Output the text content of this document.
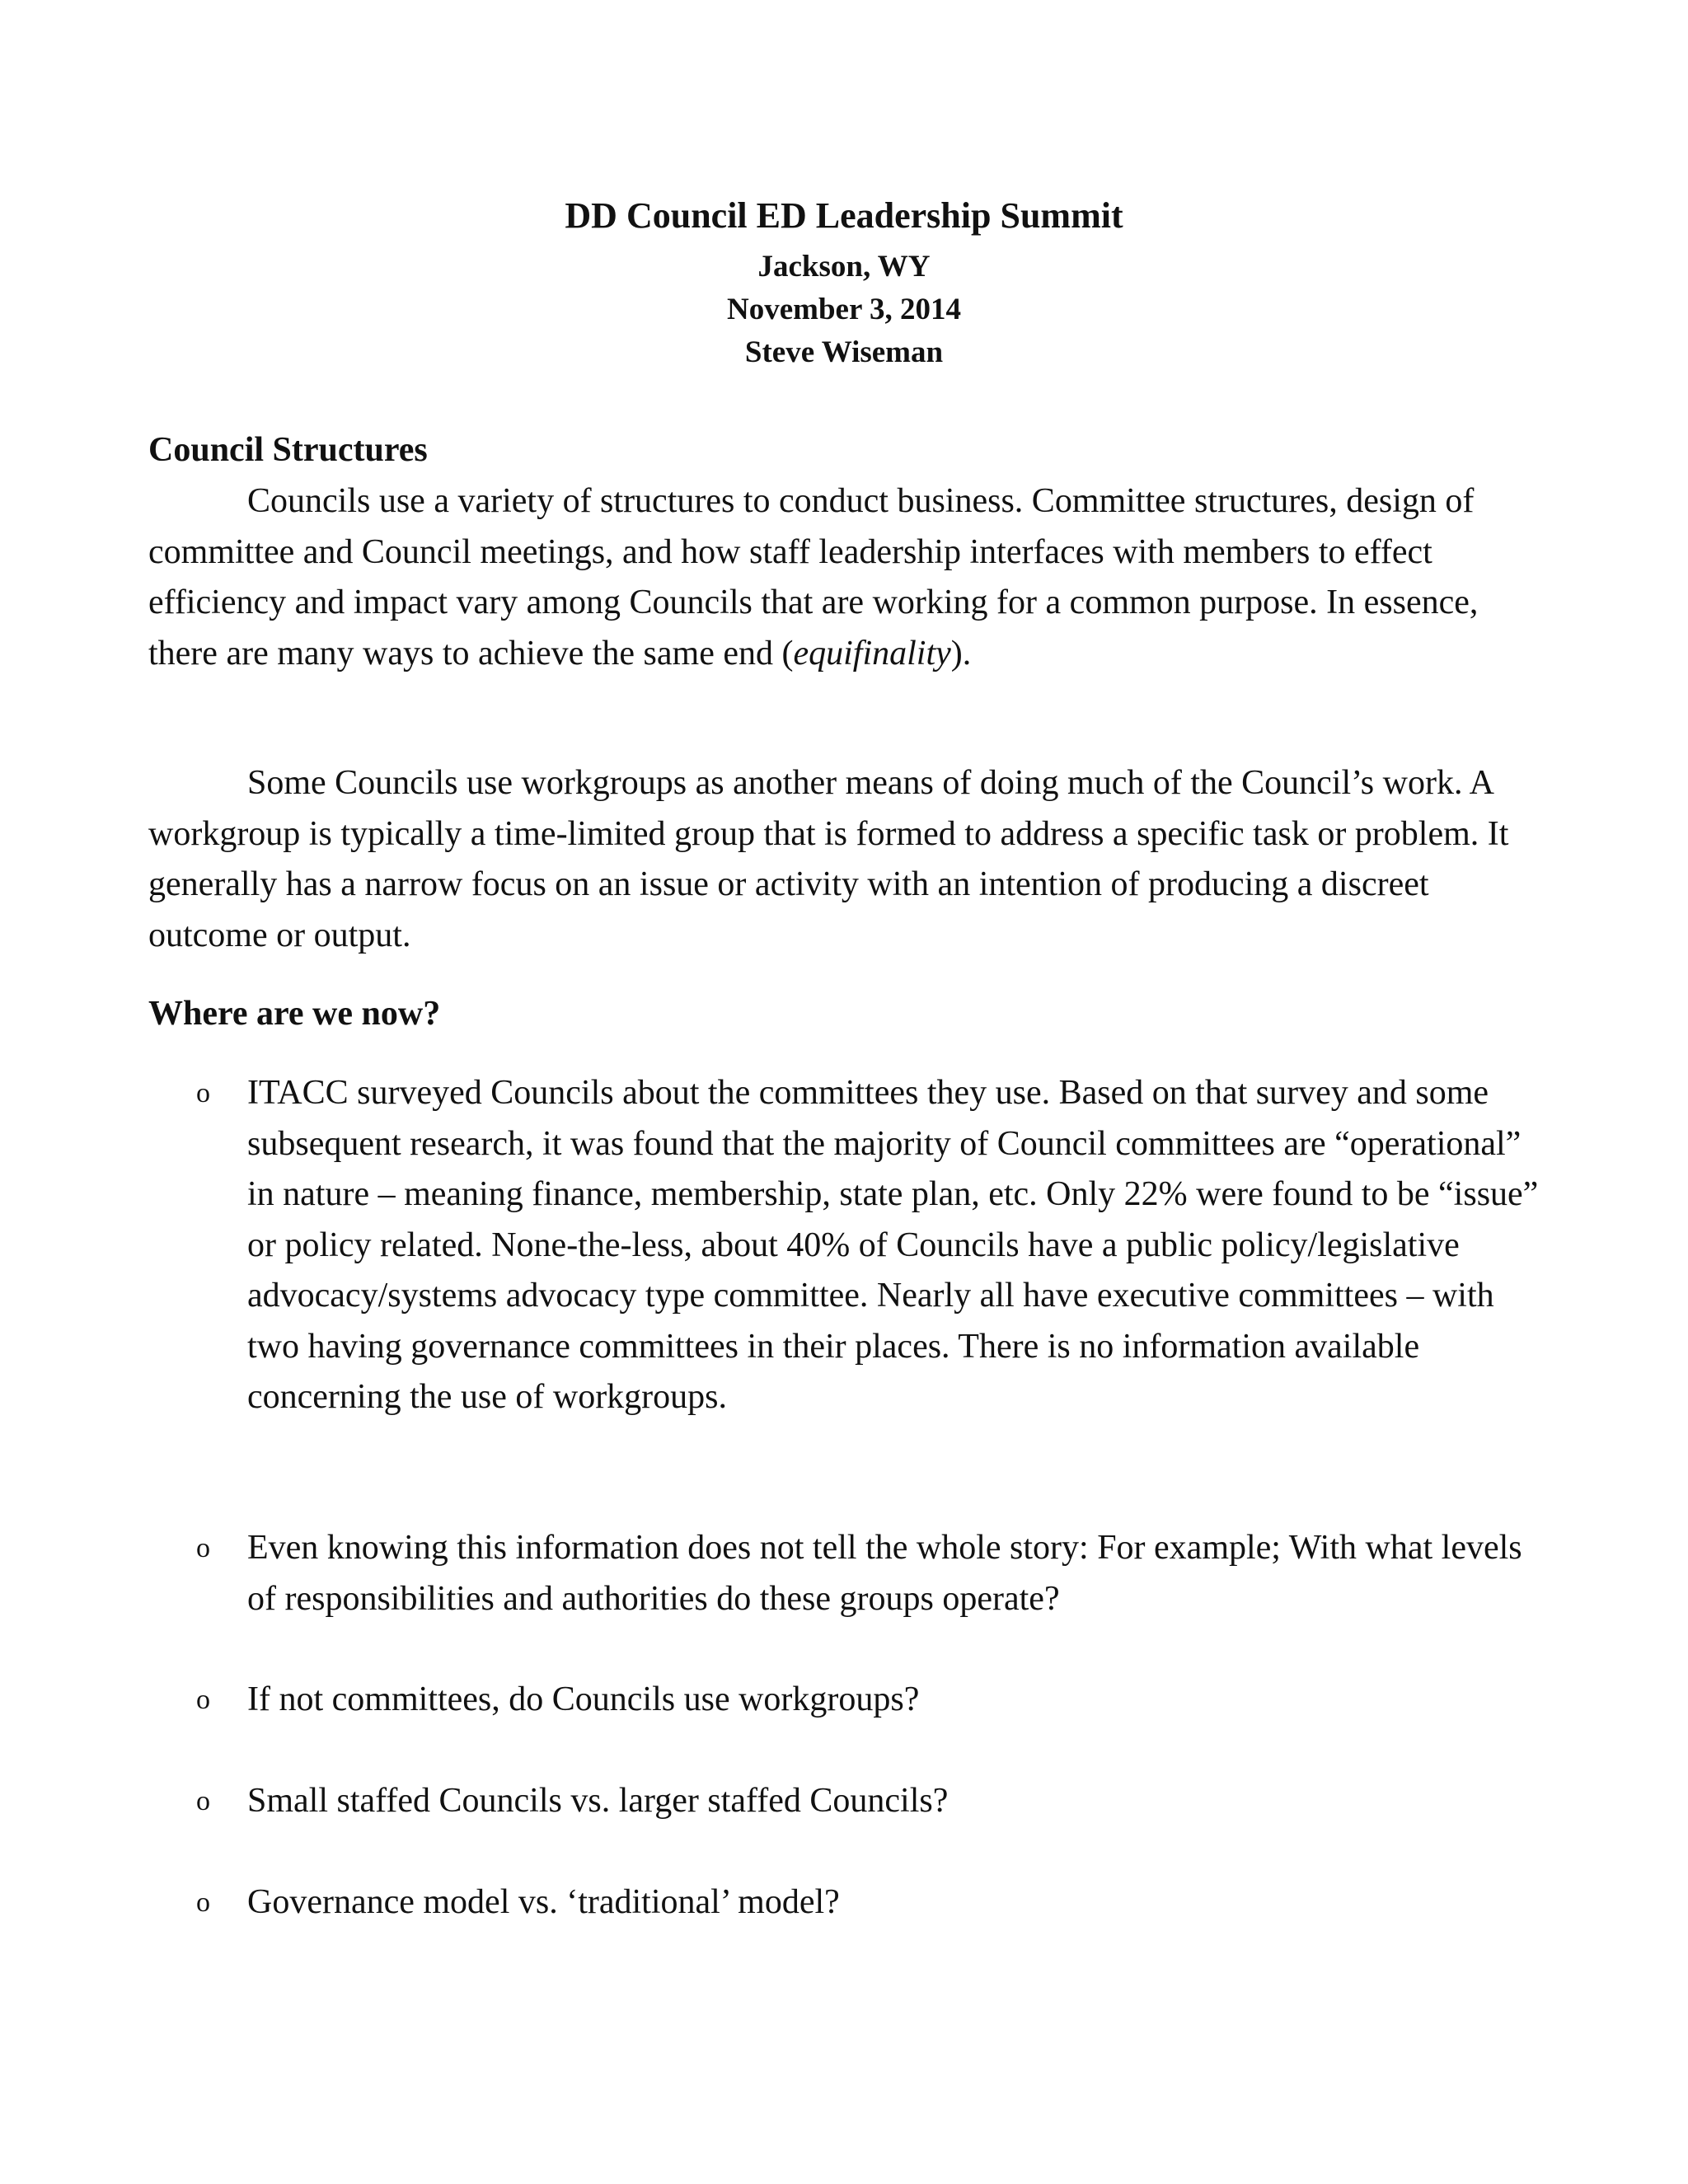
DD Council ED Leadership Summit
Jackson, WY
November 3, 2014
Steve Wiseman
Council Structures

Councils use a variety of structures to conduct business. Committee structures, design of committee and Council meetings, and how staff leadership interfaces with members to effect efficiency and impact vary among Councils that are working for a common purpose. In essence, there are many ways to achieve the same end (equifinality).

Some Councils use workgroups as another means of doing much of the Council’s work. A workgroup is typically a time-limited group that is formed to address a specific task or problem. It generally has a narrow focus on an issue or activity with an intention of producing a discreet outcome or output.

Where are we now?
o ITACC surveyed Councils about the committees they use. Based on that survey and some subsequent research, it was found that the majority of Council committees are “operational” in nature – meaning finance, membership, state plan, etc. Only 22% were found to be “issue” or policy related. None-the-less, about 40% of Councils have a public policy/legislative advocacy/systems advocacy type committee. Nearly all have executive committees – with two having governance committees in their places. There is no information available concerning the use of workgroups.
o Even knowing this information does not tell the whole story: For example; With what levels of responsibilities and authorities do these groups operate?
o If not committees, do Councils use workgroups?
o Small staffed Councils vs. larger staffed Councils?
o Governance model vs. ‘traditional’ model?
